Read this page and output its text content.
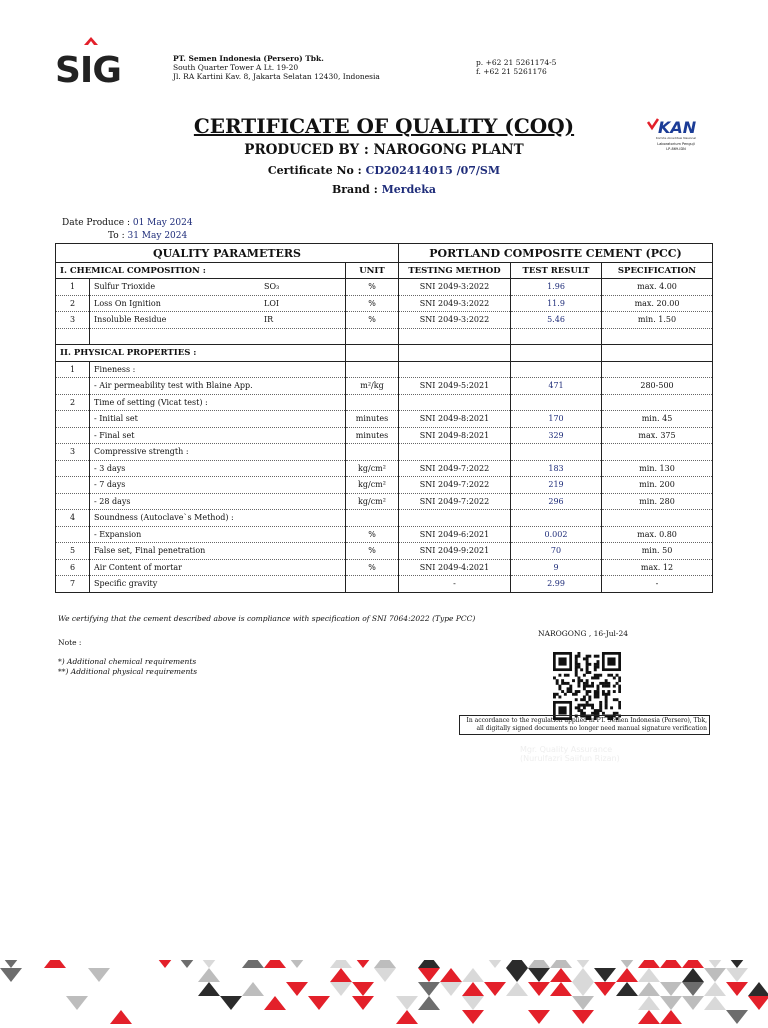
SIG	PT. Semen Indonesia (Persero) Tbk.
South Quarter Tower A Lt. 19-20
Jl. RA Kartini Kav. 8, Jakarta Selatan 12430, Indonesia
p. +62 21 5261174-5
f. +62 21 5261176
CERTIFICATE OF QUALITY (COQ)
PRODUCED BY : NAROGONG PLANT
Certificate No : CD202414015 /07/SM
Brand : Merdeka
KAN
Komite Akreditasi Nasional
Laboratorium Penguji
LP-869-IDN
Date Produce : 01 May 2024
To : 31 May 2024
QUALITY PARAMETERS			PORTLAND COMPOSITE CEMENT (PCC)		
I. CHEMICAL COMPOSITION :		UNIT	TESTING METHOD	TEST RESULT	SPECIFICATION
1	Sulfur Trioxide SO₃	%	SNI 2049-3:2022	1.96	max. 4.00
2	Loss On Ignition LOI	%	SNI 2049-3:2022	11.9	max. 20.00
3	Insoluble Residue IR	%	SNI 2049-3:2022	5.46	min. 1.50

II. PHYSICAL PROPERTIES :					
1	Fineness :				
	- Air permeability test with Blaine App.	m²/kg	SNI 2049-5:2021	471	280-500
2	Time of setting (Vicat test) :				
	- Initial set	minutes	SNI 2049-8:2021	170	min. 45
	- Final set	minutes	SNI 2049-8:2021	329	max. 375
3	Compressive strength :				
	- 3 days	kg/cm²	SNI 2049-7:2022	183	min. 130
	- 7 days	kg/cm²	SNI 2049-7:2022	219	min. 200
	- 28 days	kg/cm²	SNI 2049-7:2022	296	min. 280
4	Soundness (Autoclave`s Method) :				
	- Expansion	%	SNI 2049-6:2021	0.002	max. 0.80
5	False set, Final penetration	%	SNI 2049-9:2021	70	min. 50
6	Air Content of mortar	%	SNI 2049-4:2021	9	max. 12
7	Specific gravity		-	2.99	-
We certifying that the cement described above is compliance with specification of SNI 7064:2022 (Type PCC)
NAROGONG , 16-Jul-24
Note :
*) Additional chemical requirements
**) Additional physical requirements
In accordance to the regulation applied in PT. Semen Indonesia (Persero), Tbk,
all digitally signed documents no longer need manual signature verification
Mgr. Quality Assurance
(Nurulfazri Saiifun Rizan)
